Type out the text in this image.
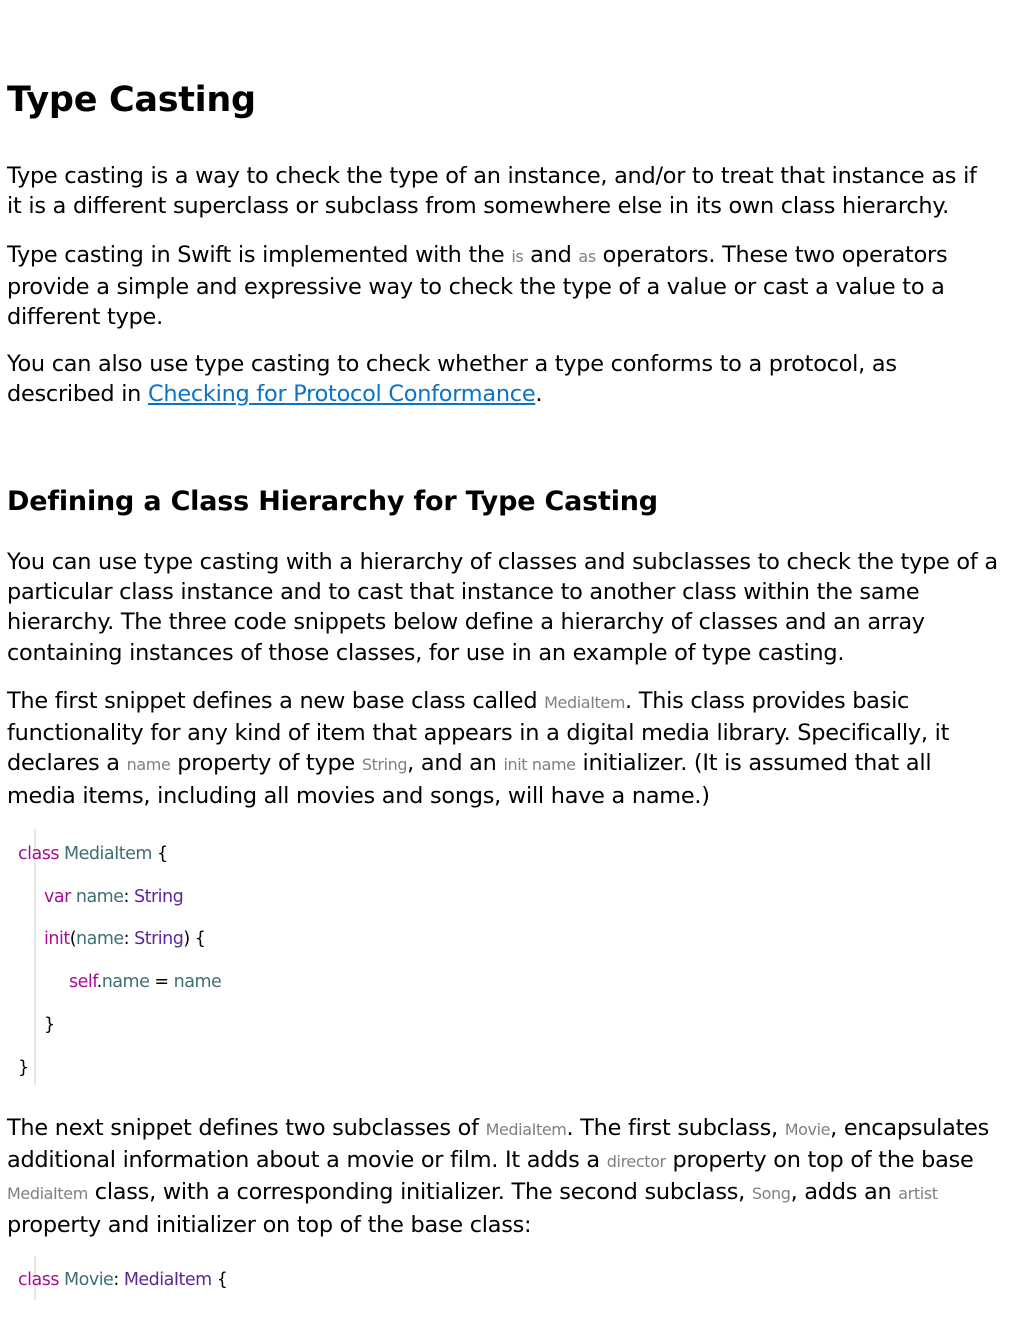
Type Casting

Type casting is a way to check the type of an instance, and/or to treat that instance as if
it is a different superclass or subclass from somewhere else in its own class hierarchy.

Type casting in Swift is implemented with the is and as operators. These two operators
provide a simple and expressive way to check the type of a value or cast a value to a
different type.

You can also use type casting to check whether a type conforms to a protocol, as
described in Checking for Protocol Conformance.

Defining a Class Hierarchy for Type Casting

You can use type casting with a hierarchy of classes and subclasses to check the type of a
particular class instance and to cast that instance to another class within the same
hierarchy. The three code snippets below define a hierarchy of classes and an array
containing instances of those classes, for use in an example of type casting.

The first snippet defines a new base class called MediaItem. This class provides basic
functionality for any kind of item that appears in a digital media library. Specifically, it
declares a name property of type String, and an init name initializer. (It is assumed that all
media items, including all movies and songs, will have a name.)

class MediaItem {
var name: String
init(name: String) {
self.name = name
}
}

The next snippet defines two subclasses of MediaItem. The first subclass, Movie, encapsulates
additional information about a movie or film. It adds a director property on top of the base
MediaItem class, with a corresponding initializer. The second subclass, Song, adds an artist
property and initializer on top of the base class:

class Movie: MediaItem {
